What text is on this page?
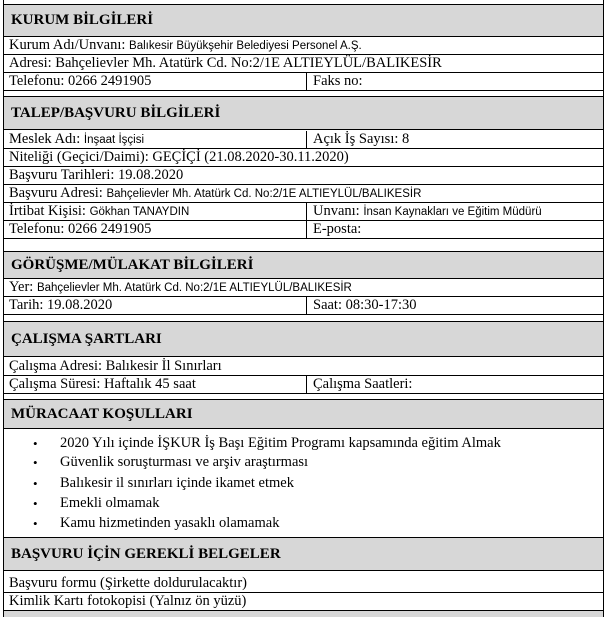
KURUM BİLGİLERİ
Kurum Adı/Unvanı: Balıkesir Büyükşehir Belediyesi Personel A.Ş.
Adresi: Bahçelievler Mh. Atatürk Cd. No:2/1E ALTIEYLÜL/BALIKESİR
Telefonu: 0266 2491905	Faks no:
TALEP/BAŞVURU BİLGİLERİ
Meslek Adı: İnşaat İşçisi	Açık İş Sayısı: 8
Niteliği (Geçici/Daimi): GEÇİÇİ (21.08.2020-30.11.2020)
Başvuru Tarihleri: 19.08.2020
Başvuru Adresi: Bahçelievler Mh. Atatürk Cd. No:2/1E ALTIEYLÜL/BALIKESİR
İrtibat Kişisi: Gökhan TANAYDIN	Unvanı: İnsan Kaynakları ve Eğitim Müdürü
Telefonu: 0266 2491905	E-posta:
GÖRÜŞME/MÜLAKAT BİLGİLERİ
Yer: Bahçelievler Mh. Atatürk Cd. No:2/1E ALTIEYLÜL/BALIKESİR
Tarih: 19.08.2020	Saat: 08:30-17:30
ÇALIŞMA ŞARTLARI
Çalışma Adresi: Balıkesir İl Sınırları
Çalışma Süresi: Haftalık 45 saat	Çalışma Saatleri:
MÜRACAAT KOŞULLARI
• 2020 Yılı içinde İŞKUR İş Başı Eğitim Programı kapsamında eğitim Almak
• Güvenlik soruşturması ve arşiv araştırması
• Balıkesir il sınırları içinde ikamet etmek
• Emekli olmamak
• Kamu hizmetinden yasaklı olamamak
BAŞVURU İÇİN GEREKLİ BELGELER
Başvuru formu (Şirkette doldurulacaktır)
Kimlik Kartı fotokopisi (Yalnız ön yüzü)
